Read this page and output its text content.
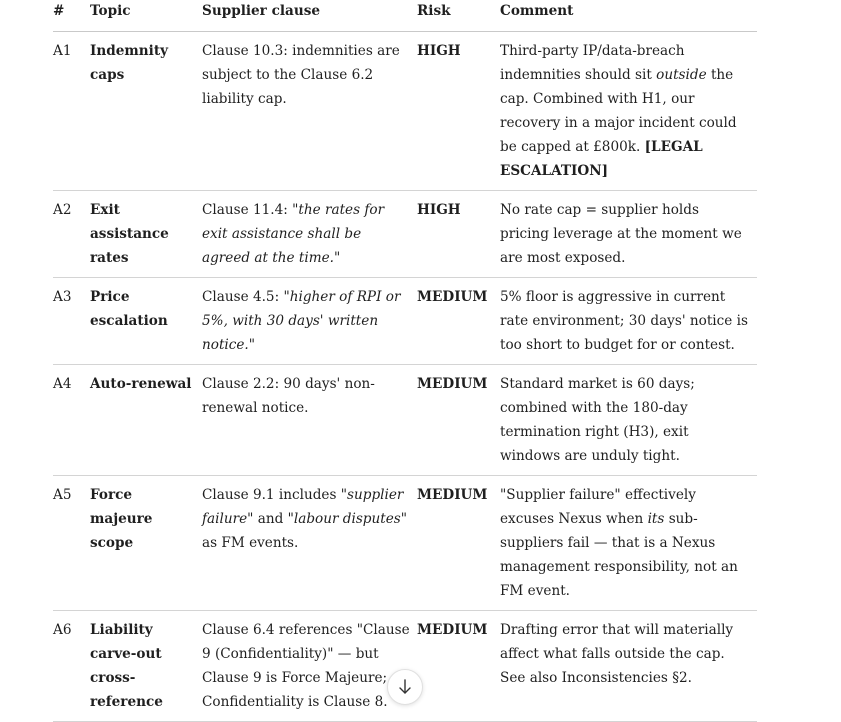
#	Topic	Supplier clause	Risk	Comment
A1	Indemnity caps	Clause 10.3: indemnities are subject to the Clause 6.2 liability cap.	HIGH	Third-party IP/data-breach indemnities should sit outside the cap. Combined with H1, our recovery in a major incident could be capped at £800k. [LEGAL ESCALATION]
A2	Exit assistance rates	Clause 11.4: "the rates for exit assistance shall be agreed at the time."	HIGH	No rate cap = supplier holds pricing leverage at the moment we are most exposed.
A3	Price escalation	Clause 4.5: "higher of RPI or 5%, with 30 days' written notice."	MEDIUM	5% floor is aggressive in current rate environment; 30 days' notice is too short to budget for or contest.
A4	Auto-renewal	Clause 2.2: 90 days' non-renewal notice.	MEDIUM	Standard market is 60 days; combined with the 180-day termination right (H3), exit windows are unduly tight.
A5	Force majeure scope	Clause 9.1 includes "supplier failure" and "labour disputes" as FM events.	MEDIUM	"Supplier failure" effectively excuses Nexus when its sub-suppliers fail — that is a Nexus management responsibility, not an FM event.
A6	Liability carve-out cross-reference	Clause 6.4 references "Clause 9 (Confidentiality)" — but Clause 9 is Force Majeure; Confidentiality is Clause 8.	MEDIUM	Drafting error that will materially affect what falls outside the cap. See also Inconsistencies §2.
